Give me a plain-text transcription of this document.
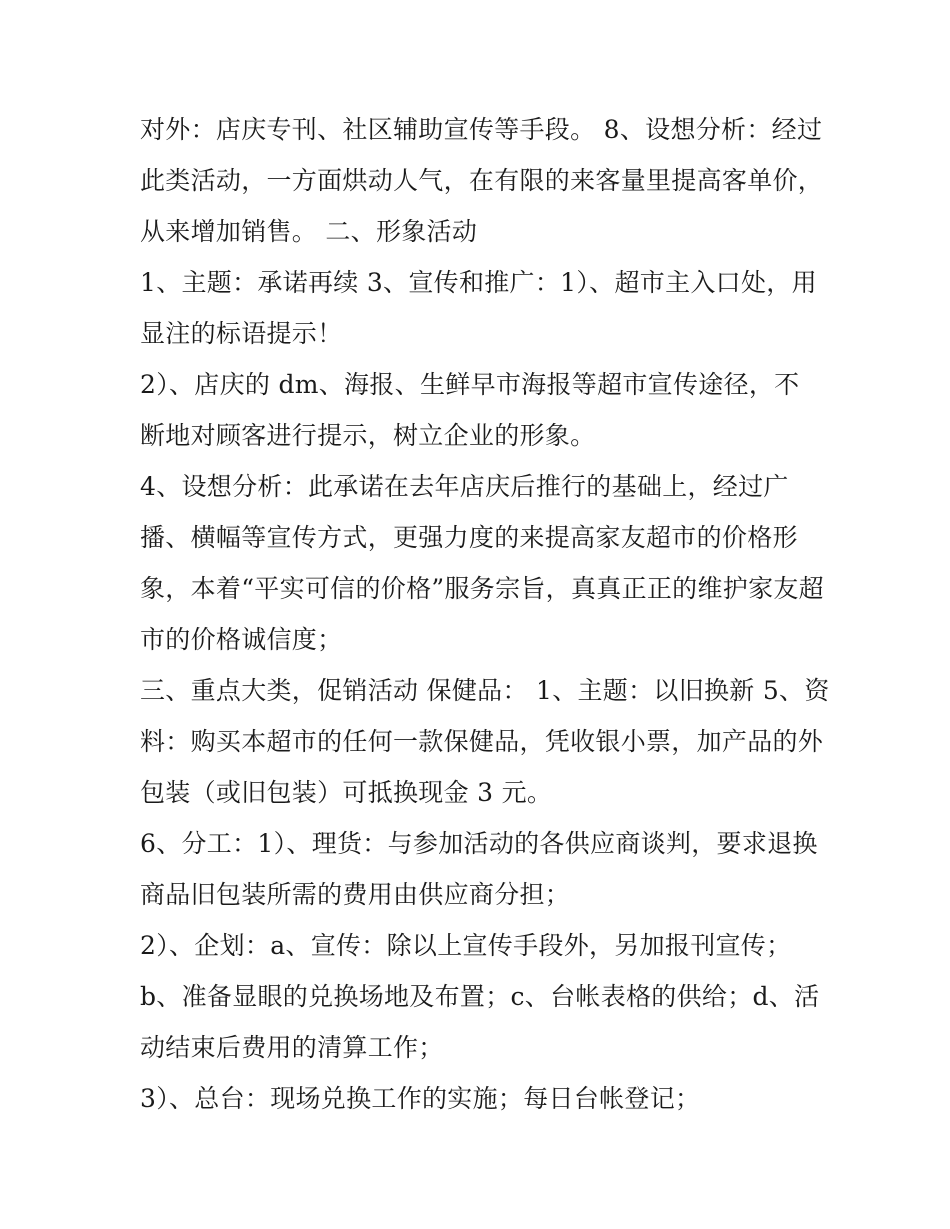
对外：店庆专刊、社区辅助宣传等手段。 8、设想分析：经过
此类活动，一方面烘动人气，在有限的来客量里提高客单价，
从来增加销售。 二、形象活动
1、主题：承诺再续 3、宣传和推广：1）、超市主入口处，用
显注的标语提示！
2）、店庆的 dm、海报、生鲜早市海报等超市宣传途径，不
断地对顾客进行提示，树立企业的形象。
4、设想分析：此承诺在去年店庆后推行的基础上，经过广
播、横幅等宣传方式，更强力度的来提高家友超市的价格形
象，本着“平实可信的价格”服务宗旨，真真正正的维护家友超
市的价格诚信度；
三、重点大类，促销活动 保健品： 1、主题：以旧换新 5、资
料：购买本超市的任何一款保健品，凭收银小票，加产品的外
包装（或旧包装）可抵换现金 3 元。
6、分工：1）、理货：与参加活动的各供应商谈判，要求退换
商品旧包装所需的费用由供应商分担；
2）、企划：a、宣传：除以上宣传手段外，另加报刊宣传；
b、准备显眼的兑换场地及布置；c、台帐表格的供给；d、活
动结束后费用的清算工作；
3）、总台：现场兑换工作的实施；每日台帐登记；
